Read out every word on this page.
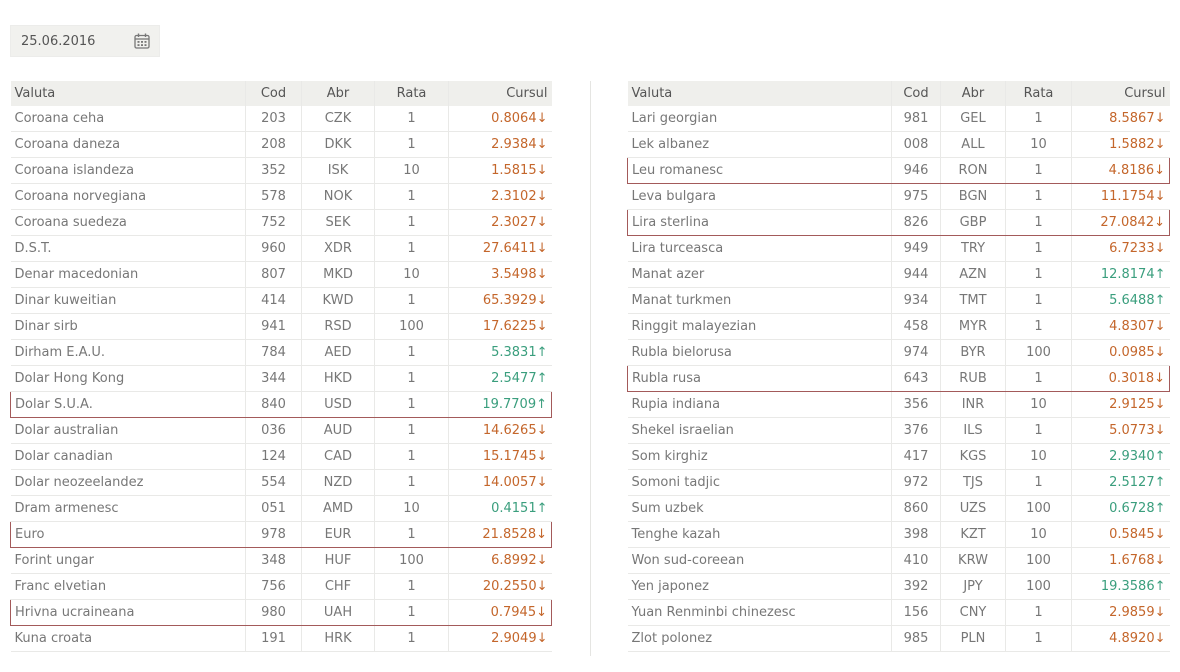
25.06.2016
Valuta	Cod	Abr	Rata	Cursul
Coroana ceha	203	CZK	1	0.8064↓
Coroana daneza	208	DKK	1	2.9384↓
Coroana islandeza	352	ISK	10	1.5815↓
Coroana norvegiana	578	NOK	1	2.3102↓
Coroana suedeza	752	SEK	1	2.3027↓
D.S.T.	960	XDR	1	27.6411↓
Denar macedonian	807	MKD	10	3.5498↓
Dinar kuweitian	414	KWD	1	65.3929↓
Dinar sirb	941	RSD	100	17.6225↓
Dirham E.A.U.	784	AED	1	5.3831↑
Dolar Hong Kong	344	HKD	1	2.5477↑
Dolar S.U.A.	840	USD	1	19.7709↑
Dolar australian	036	AUD	1	14.6265↓
Dolar canadian	124	CAD	1	15.1745↓
Dolar neozeelandez	554	NZD	1	14.0057↓
Dram armenesc	051	AMD	10	0.4151↑
Euro	978	EUR	1	21.8528↓
Forint ungar	348	HUF	100	6.8992↓
Franc elvetian	756	CHF	1	20.2550↓
Hrivna ucraineana	980	UAH	1	0.7945↓
Kuna croata	191	HRK	1	2.9049↓
Valuta	Cod	Abr	Rata	Cursul
Lari georgian	981	GEL	1	8.5867↓
Lek albanez	008	ALL	10	1.5882↓
Leu romanesc	946	RON	1	4.8186↓
Leva bulgara	975	BGN	1	11.1754↓
Lira sterlina	826	GBP	1	27.0842↓
Lira turceasca	949	TRY	1	6.7233↓
Manat azer	944	AZN	1	12.8174↑
Manat turkmen	934	TMT	1	5.6488↑
Ringgit malayezian	458	MYR	1	4.8307↓
Rubla bielorusa	974	BYR	100	0.0985↓
Rubla rusa	643	RUB	1	0.3018↓
Rupia indiana	356	INR	10	2.9125↓
Shekel israelian	376	ILS	1	5.0773↓
Som kirghiz	417	KGS	10	2.9340↑
Somoni tadjic	972	TJS	1	2.5127↑
Sum uzbek	860	UZS	100	0.6728↑
Tenghe kazah	398	KZT	10	0.5845↓
Won sud-coreean	410	KRW	100	1.6768↓
Yen japonez	392	JPY	100	19.3586↑
Yuan Renminbi chinezesc	156	CNY	1	2.9859↓
Zlot polonez	985	PLN	1	4.8920↓
